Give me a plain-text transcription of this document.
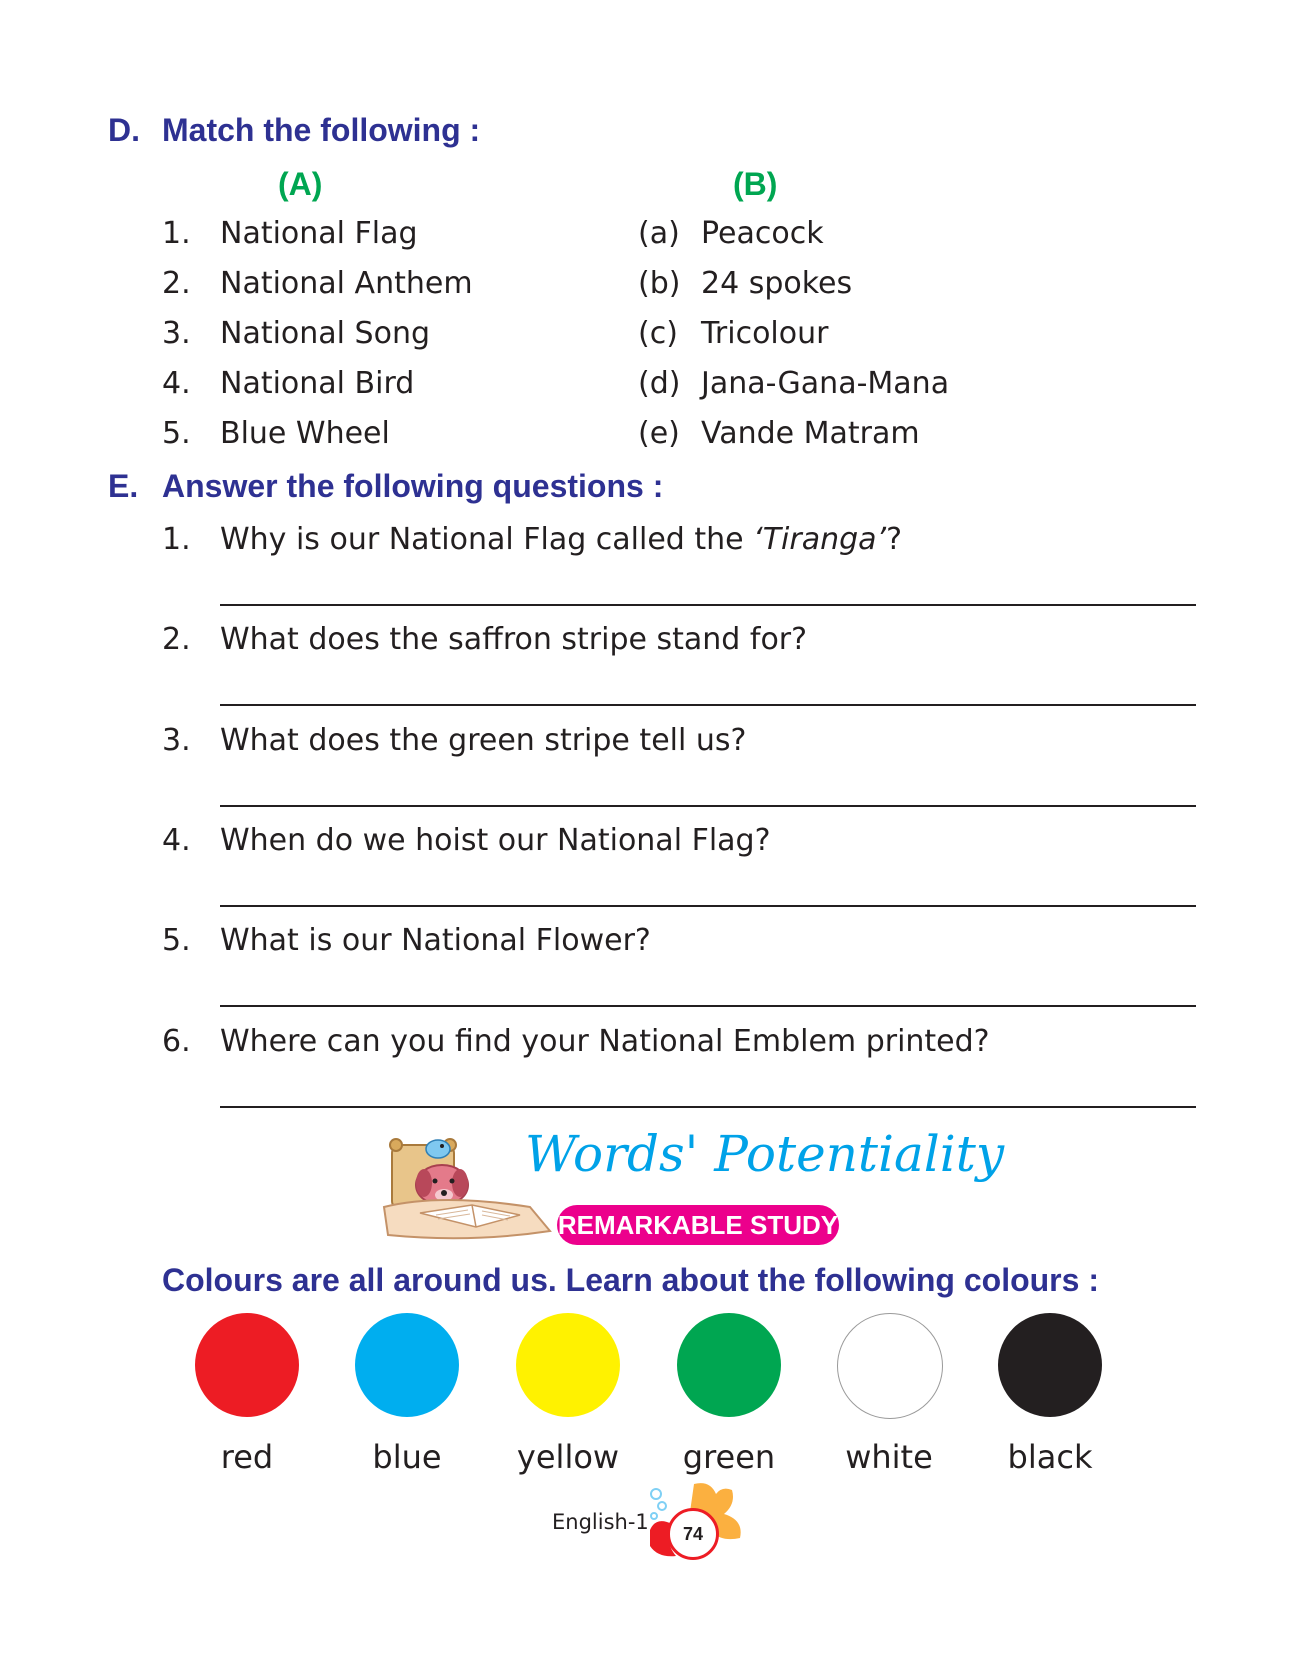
D. Match the following :
(A)	(B)
1. National Flag	(a) Peacock
2. National Anthem	(b) 24 spokes
3. National Song	(c) Tricolour
4. National Bird	(d) Jana-Gana-Mana
5. Blue Wheel	(e) Vande Matram
E. Answer the following questions :
1. Why is our National Flag called the ‘Tiranga’?
2. What does the saffron stripe stand for?
3. What does the green stripe tell us?
4. When do we hoist our National Flag?
5. What is our National Flower?
6. Where can you find your National Emblem printed?
Words' Potentiality
REMARKABLE STUDY
Colours are all around us. Learn about the following colours :
red	blue	yellow	green	white	black
English-1	74
